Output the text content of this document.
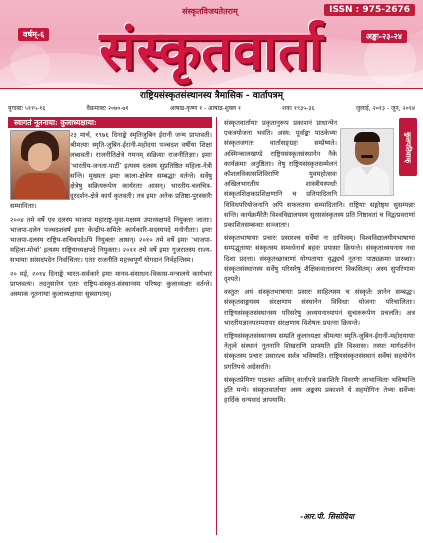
संस्कृतविजयतेतराम्	ISSN : 975-2676
वर्षम्-६	अङ्कः-२३-२४
संस्कृतवार्ता
राष्ट्रियसंस्कृतसंस्थानस्य त्रैमासिक - वार्तापत्रम्
युगाब्दः ५११५-१६	वैक्रमाब्दः २०७०-७१	आषाढ-कृष्ण १ - आषाढ-शुक्ल १	शकः १९३५-३६	जुलाई, २०१३ - जून, २०१४
स्वागतं नूतनाया: कुलाध्यक्षाया:

२३ मार्च, १९७६ दिनाङ्के स्मृतिजुबिन ईरानी जन्म प्राप्तवती। श्रीमत्याः स्मृति-जुबिन-ईरानी-महोदया पञ्चदश वर्षीया शिक्षा लब्धवती। राजनीतिक्षेत्रे गमनम् सक्रियाः राजनीतिज्ञाः। इमाः ‘भारतीय-जनता-पार्टी’ इत्यस्य दलस्य सुप्रतिष्ठित महिला-नेत्री सन्ति। मुख्यतः इमाः काला-क्षेत्रेण सम्बद्धाः वर्तन्ते। सर्वेषु क्षेत्रेषु सक्रियरूपेण कार्यरताः आसन्। भारतीय-चलचित्र-दूरदर्शन-क्षेत्रे कार्यं कृतवती। तत्र इमाः अनेक प्रतिष्ठा-पुरस्कारैः सम्मानिताः।

२००४ तमे वर्षे एव दलस्य भाजपा महाराष्ट्र-युवा-पक्षस्य उपाध्यक्षपदे नियुक्ताः जाताः। भाजपा-दलेन पञ्चदशवर्षं इमाः केन्द्रीय-समितेः कार्यकारि-सदस्यपदे मनोनीताः। इमाः भाजपा-दलस्य राष्ट्रिय-सचिवपदेऽपि नियुक्ताः आसन्। २०१० तमे वर्षे इमाः ‘भाजपा-महिला-मोर्चा’ इत्यस्य राष्ट्रियाध्यक्षपदे नियुक्ताः। २०११ तमे वर्षे इमाः गुजरातस्य राज्य-सभायाः सांसदपदेन निर्वाचिताः। एताः राजनीति महत्त्वपूर्णं योगदानं निर्वहन्तिस्म।

२० मई, २०१४ दिनाङ्के भारत-सर्वकारे इमाः मानव-संसाधन-विकास-मन्त्रालये कार्यभारं प्राप्तवत्यः। तदनुसारेण एताः राष्ट्रिय-संस्कृत-संस्थानस्य परिषदः कुलाध्यक्षाः वर्तन्ते। अस्माकं नूतनायाः कुलाध्यक्षायाः सुस्वागतम्।

संस्कृतवार्तायाः प्रकृतानुरूप प्रकाशनं प्राधान्येन एकत्रयोजना भवति। अस्य: पूर्वाङ्कः पाठकेभ्यः संस्कृतजगतः वार्तासङ्ग्रहः सम्प्रेष्यते। अस्मिन्कालखण्डे राष्ट्रियसंस्कृतसंस्थानेन नैके कार्यक्रमाः अनुष्ठिताः। तेषु राष्ट्रियसंस्कृतसम्मेलनं कौशलविकासशिविराणि युवमहोत्सवः अखिलभारतीय शास्त्रीयस्पर्धाः संस्कृतशिक्षकप्रशिक्षणानि च प्रतिपादितानि विविधपरियोजनानि अपि सफलतया सम्पादितानि। राष्ट्रियाः सङ्गोष्ठ्यः सुसम्पन्नाः सन्ति। कार्यक्रमैरेतैः विश्वविद्यालयस्य सुरससंस्कृतस्य प्रति निष्ठावतां च विद्वत्प्रवराणां प्रकाशितसम्बन्धाः सञ्जाताः।

संस्कृतभाषायाः प्रचारः प्रसारश्च सर्वेषां नः दायित्वम्। विश्वविद्यालयीयभाषाणां सम्पद्भूतायाः संस्कृतस्य सम्वर्धनार्थं बहवः प्रयासाः क्रियन्ते। संस्कृताध्ययनाय नवा दिशा प्रदत्ता। संस्कृतच्छात्राणां योग्यतायाः वृद्ध्यर्थं नूतनाः पाठ्यक्रमाः प्रारब्धाः। संस्कृतसंस्थानस्य सर्वेषु परिसरेषु शैक्षिकवातावरणं विकसितम्। अस्य सुपरिणामः दृश्यते।

वस्तुतः अयं संस्कृतभाषायाः प्रसारः साहित्यस्य च संस्कृतेः ज्ञानेन सम्बद्धः। संस्कृतवाङ्मयस्य संरक्षणाय संस्थानेन विविधाः योजनाः परिचालिताः। राष्ट्रियसंस्कृतसंस्थानस्य परिसरेषु अध्ययनाध्यापनं सुचारुरूपेण प्रचलति। अत्र भारतीयज्ञानपरम्परायाः संरक्षणाय विशेषतः प्रयत्नाः क्रियन्ते।

राष्ट्रियसंस्कृतसंस्थानस्य सम्प्रति कुलाध्यक्षा श्रीमत्याः स्मृति-जुबिन-ईरानी-महोदयायाः नेतृत्वे संस्थानं नूतनानि शिखराणि प्राप्स्यति इति विश्वासः। तस्याः मार्गदर्शनेन संस्कृतस्य प्रचारः प्रसारश्च सर्वत्र भविष्यति। राष्ट्रियसंस्कृतसंस्थानं सर्वेषां सहयोगेन प्रगतिपथे अग्रेसरति।

संस्कृतप्रेमिणः पाठकाः अस्मिन् वार्तापत्रे प्रकाशितैः विवरणैः लाभान्विताः भविष्यन्ति इति मन्ये। संस्कृतवार्तायाः अस्य अङ्कस्य प्रकाशने ये सहयोगिनः तेभ्यः सर्वेभ्यः हार्दिकं धन्यवादं ज्ञापयामि।

कुलपतिवाक्
-आर.पी. सिसोदिया
